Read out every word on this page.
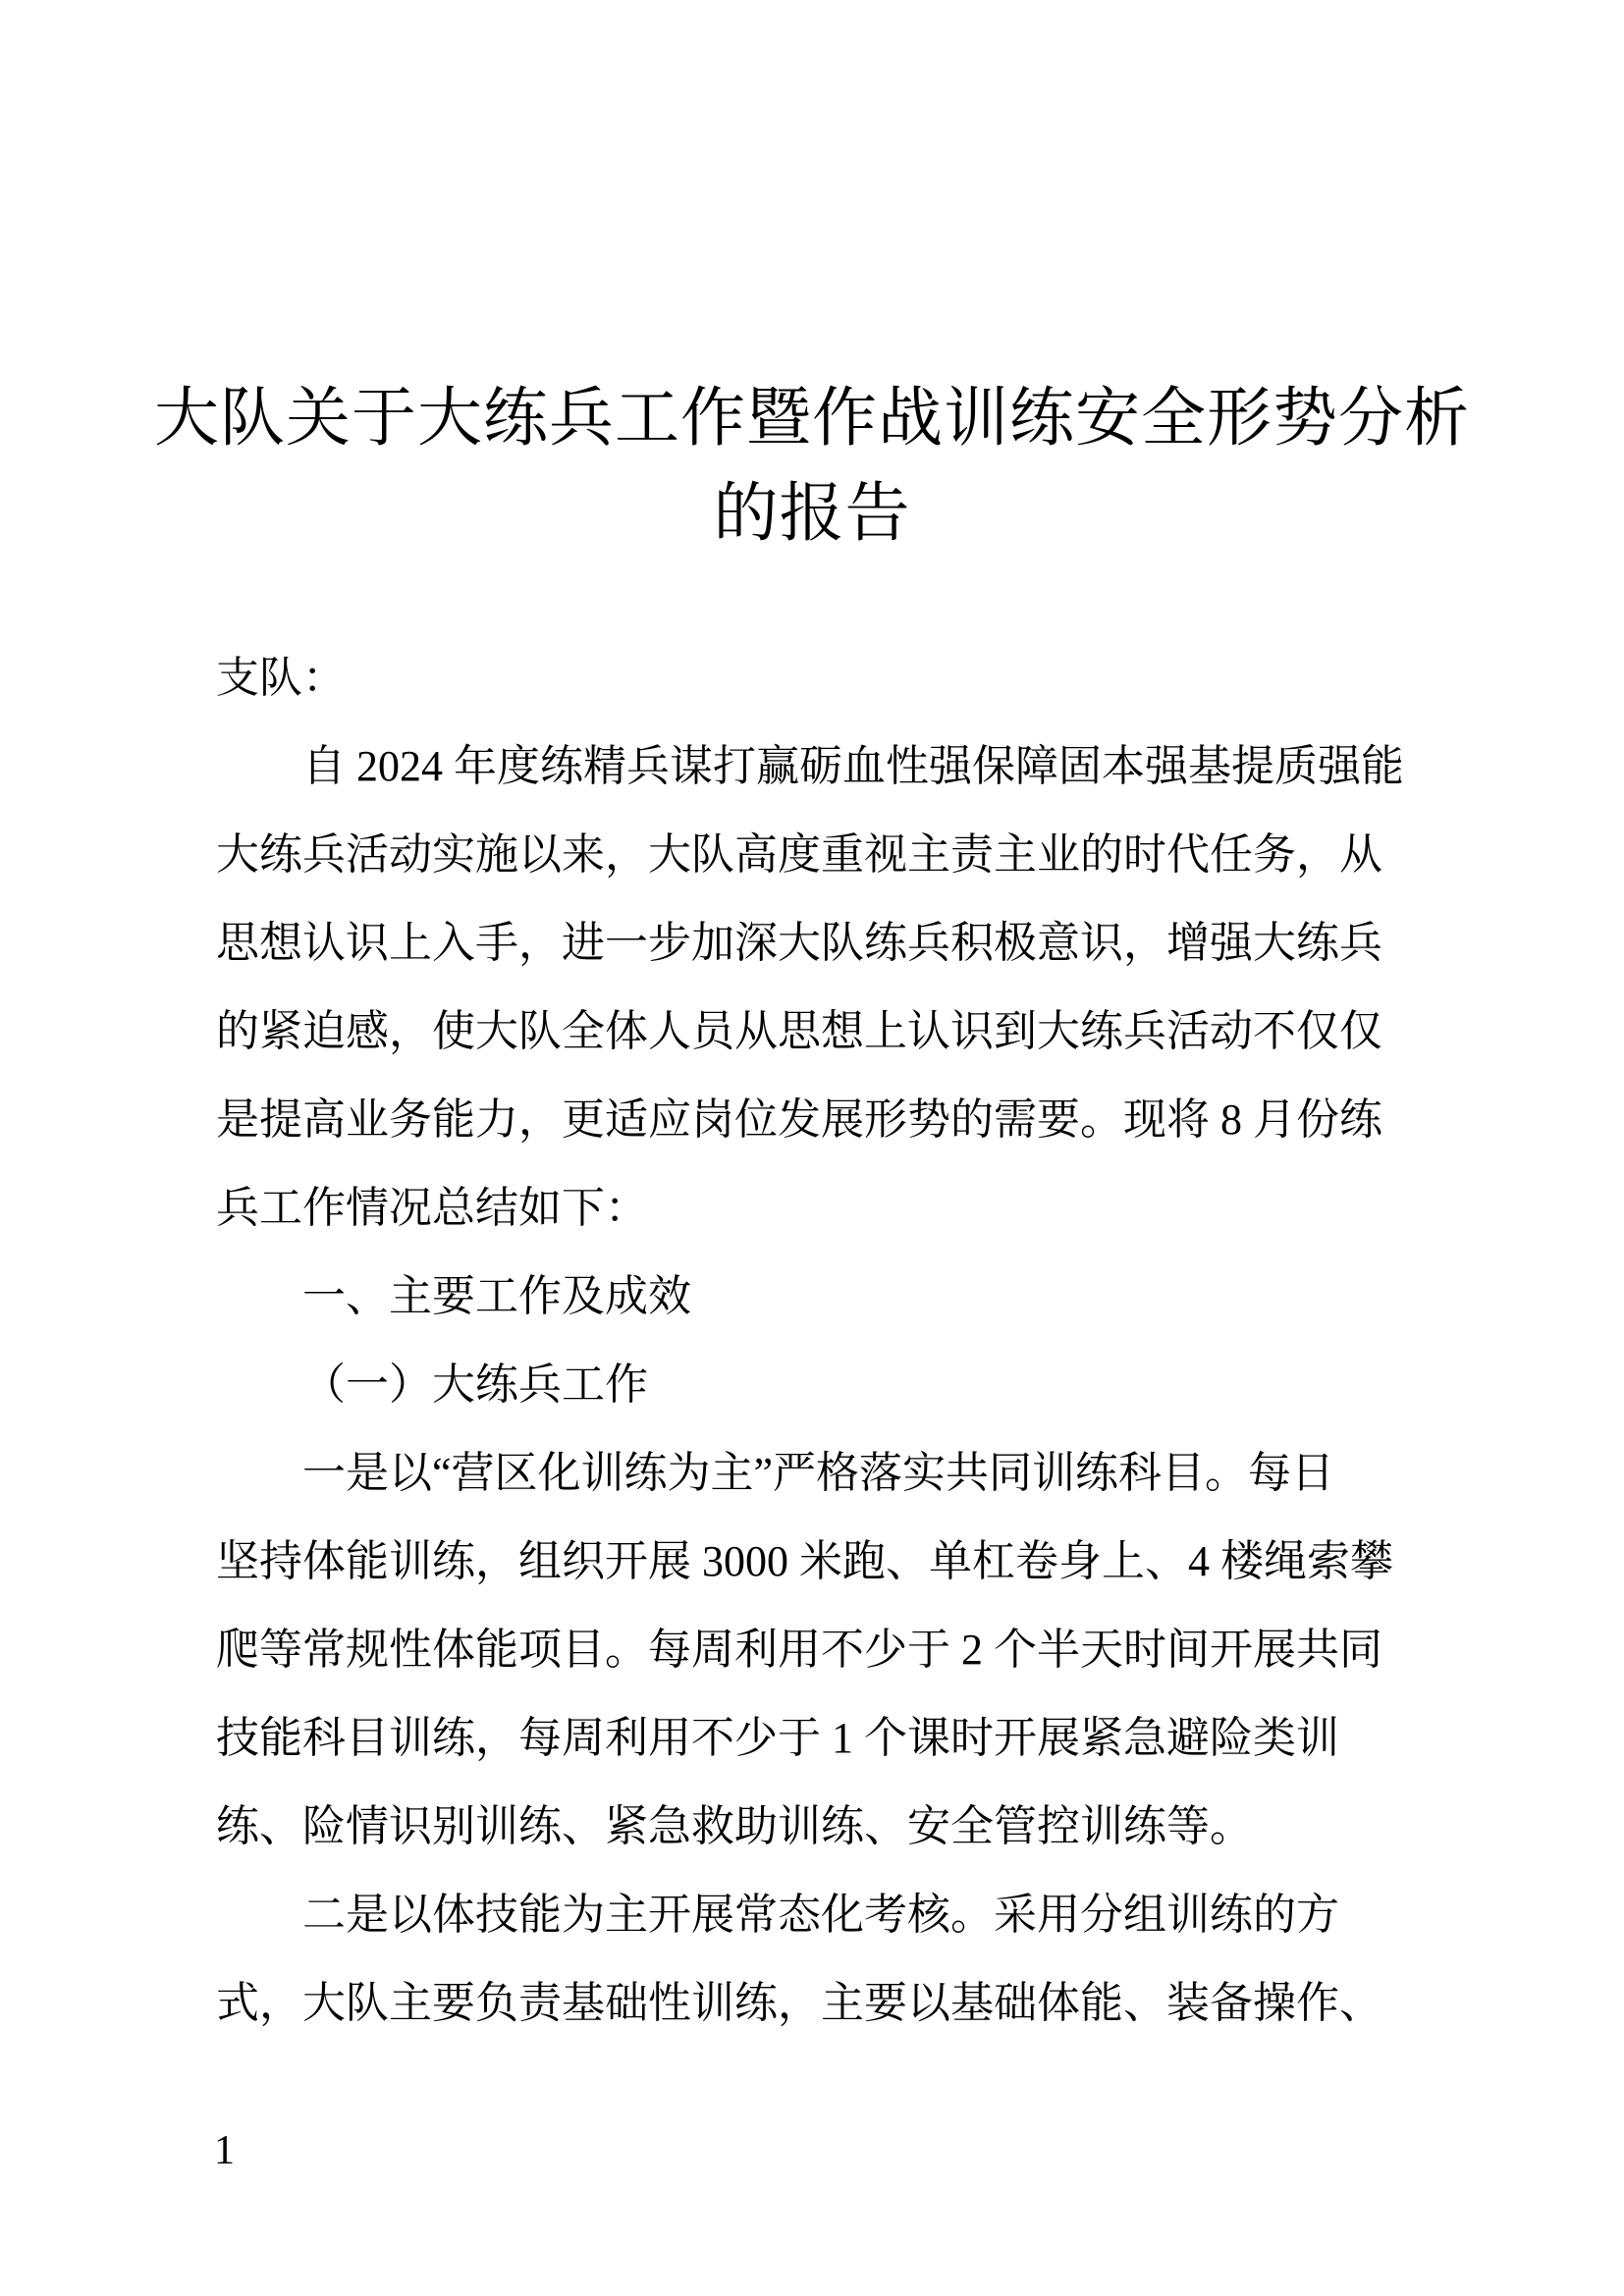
大队关于大练兵工作暨作战训练安全形势分析
的报告
支队：
自 2024 年度练精兵谋打赢砺血性强保障固本强基提质强能
大练兵活动实施以来，大队高度重视主责主业的时代任务，从
思想认识上入手，进一步加深大队练兵积极意识，增强大练兵
的紧迫感，使大队全体人员从思想上认识到大练兵活动不仅仅
是提高业务能力，更适应岗位发展形势的需要。现将 8 月份练
兵工作情况总结如下：
一、主要工作及成效
（一）大练兵工作
一是以“营区化训练为主”严格落实共同训练科目。每日
坚持体能训练，组织开展 3000 米跑、单杠卷身上、4 楼绳索攀
爬等常规性体能项目。每周利用不少于 2 个半天时间开展共同
技能科目训练，每周利用不少于 1 个课时开展紧急避险类训
练、险情识别训练、紧急救助训练、安全管控训练等。
二是以体技能为主开展常态化考核。采用分组训练的方
式，大队主要负责基础性训练，主要以基础体能、装备操作、
1
